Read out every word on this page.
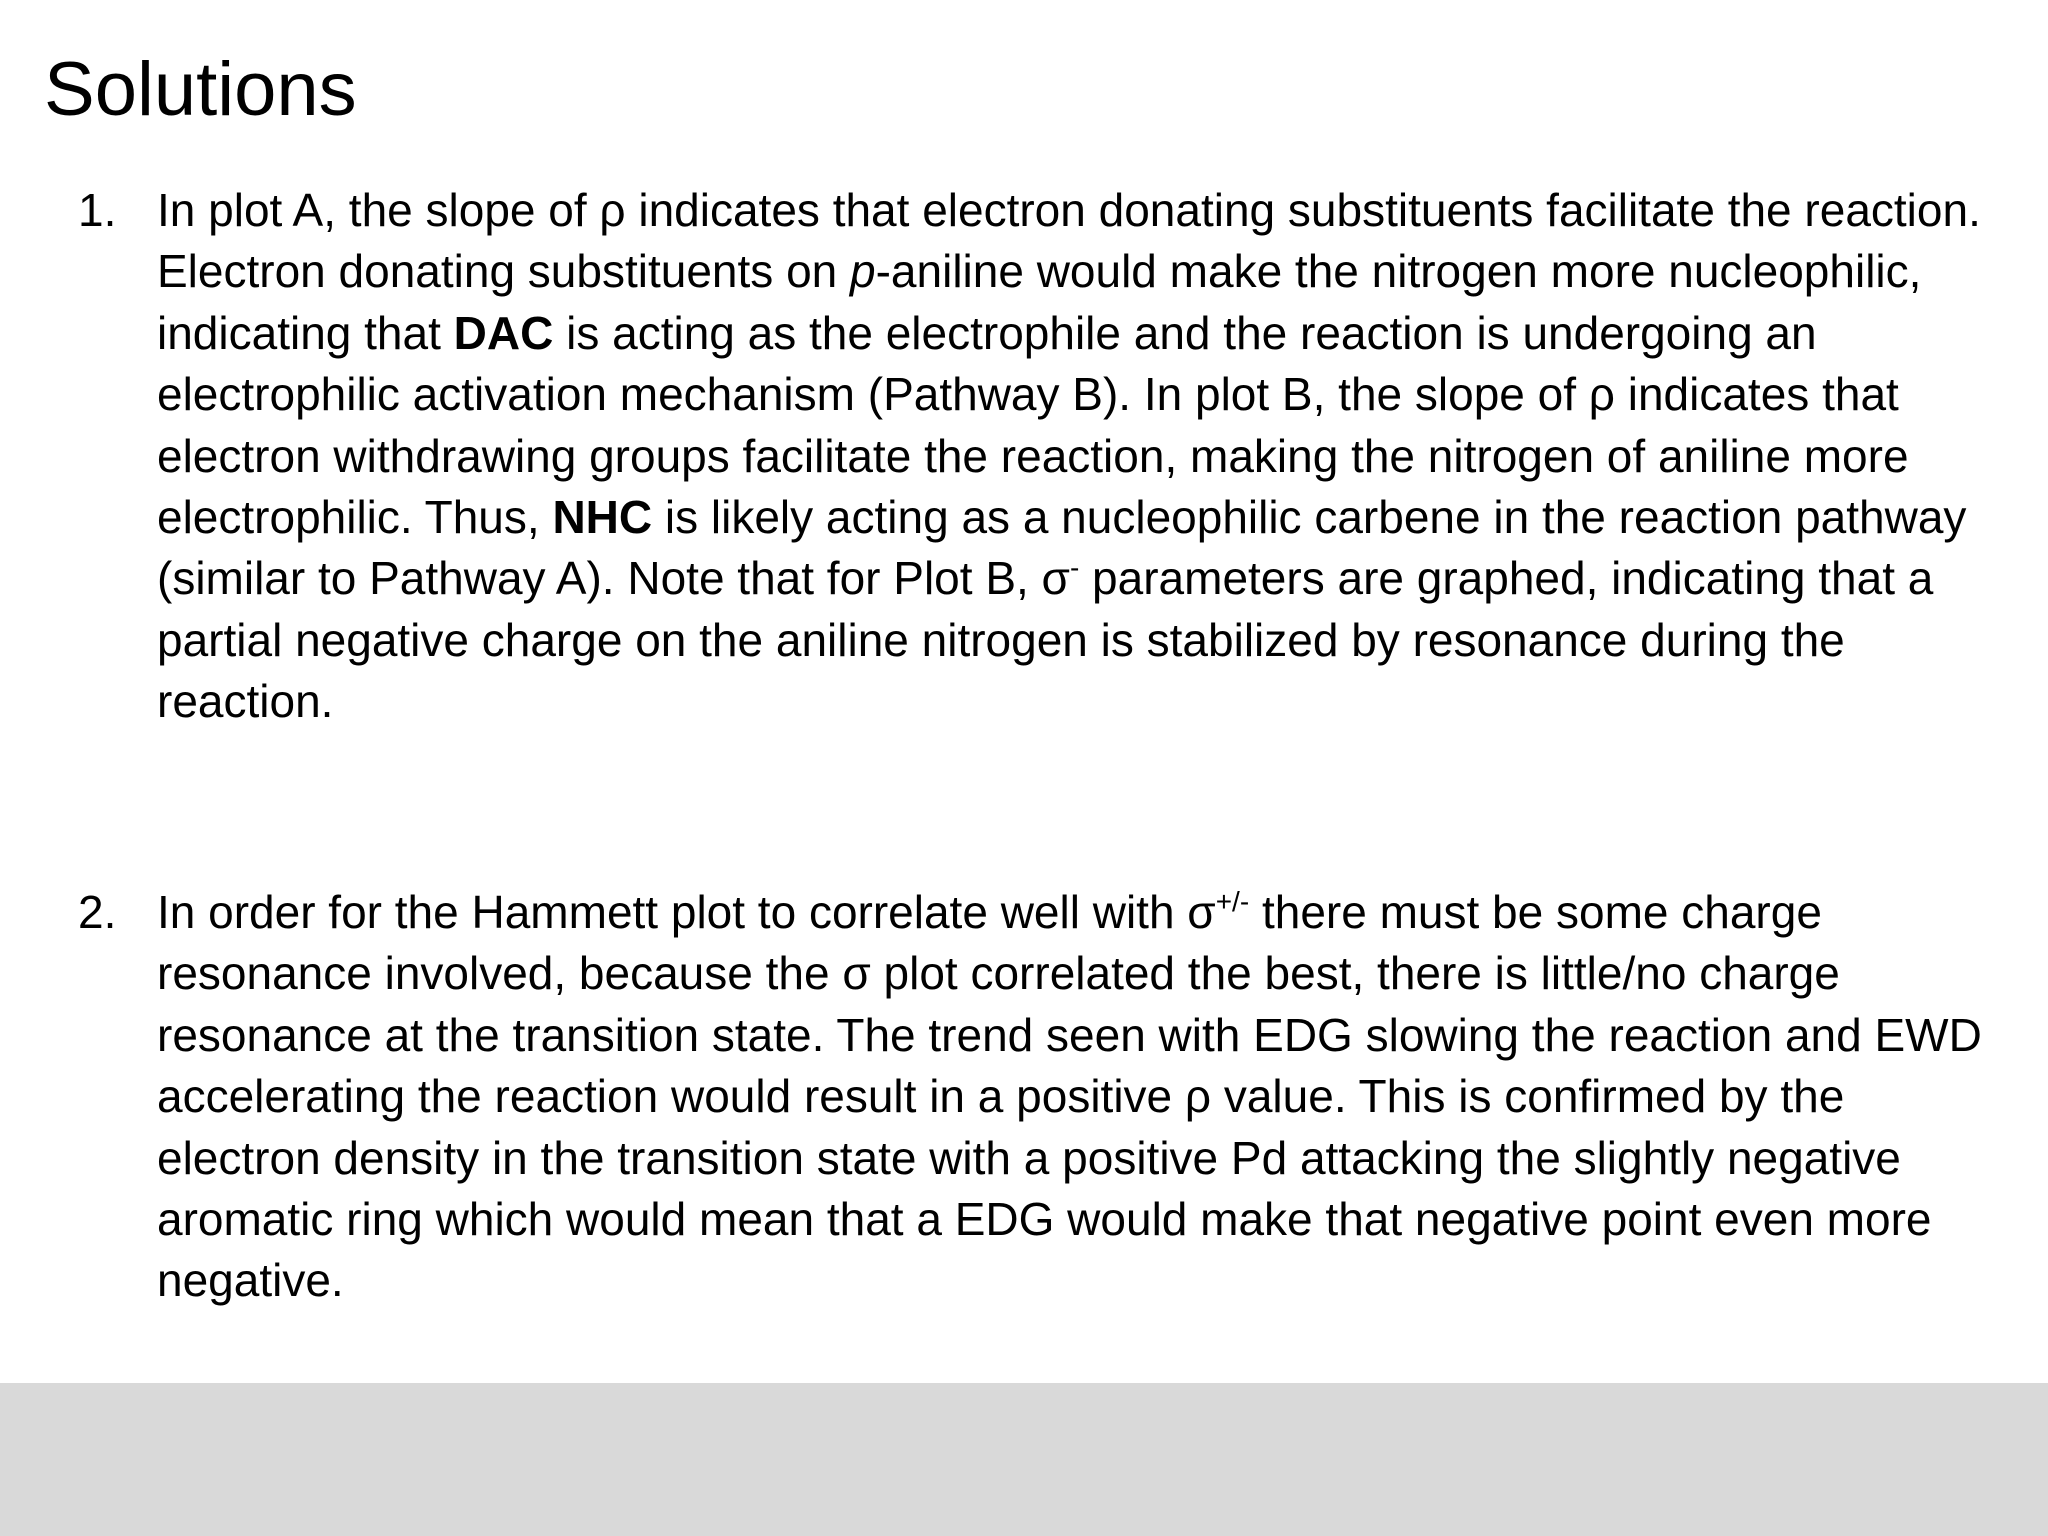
Solutions
1. In plot A, the slope of ρ indicates that electron donating substituents facilitate the reaction. Electron donating substituents on p-aniline would make the nitrogen more nucleophilic, indicating that DAC is acting as the electrophile and the reaction is undergoing an electrophilic activation mechanism (Pathway B). In plot B, the slope of ρ indicates that electron withdrawing groups facilitate the reaction, making the nitrogen of aniline more electrophilic. Thus, NHC is likely acting as a nucleophilic carbene in the reaction pathway (similar to Pathway A). Note that for Plot B, σ- parameters are graphed, indicating that a partial negative charge on the aniline nitrogen is stabilized by resonance during the reaction.

2. In order for the Hammett plot to correlate well with σ+/- there must be some charge resonance involved, because the σ plot correlated the best, there is little/no charge resonance at the transition state. The trend seen with EDG slowing the reaction and EWD accelerating the reaction would result in a positive ρ value. This is confirmed by the electron density in the transition state with a positive Pd attacking the slightly negative aromatic ring which would mean that a EDG would make that negative point even more negative.
